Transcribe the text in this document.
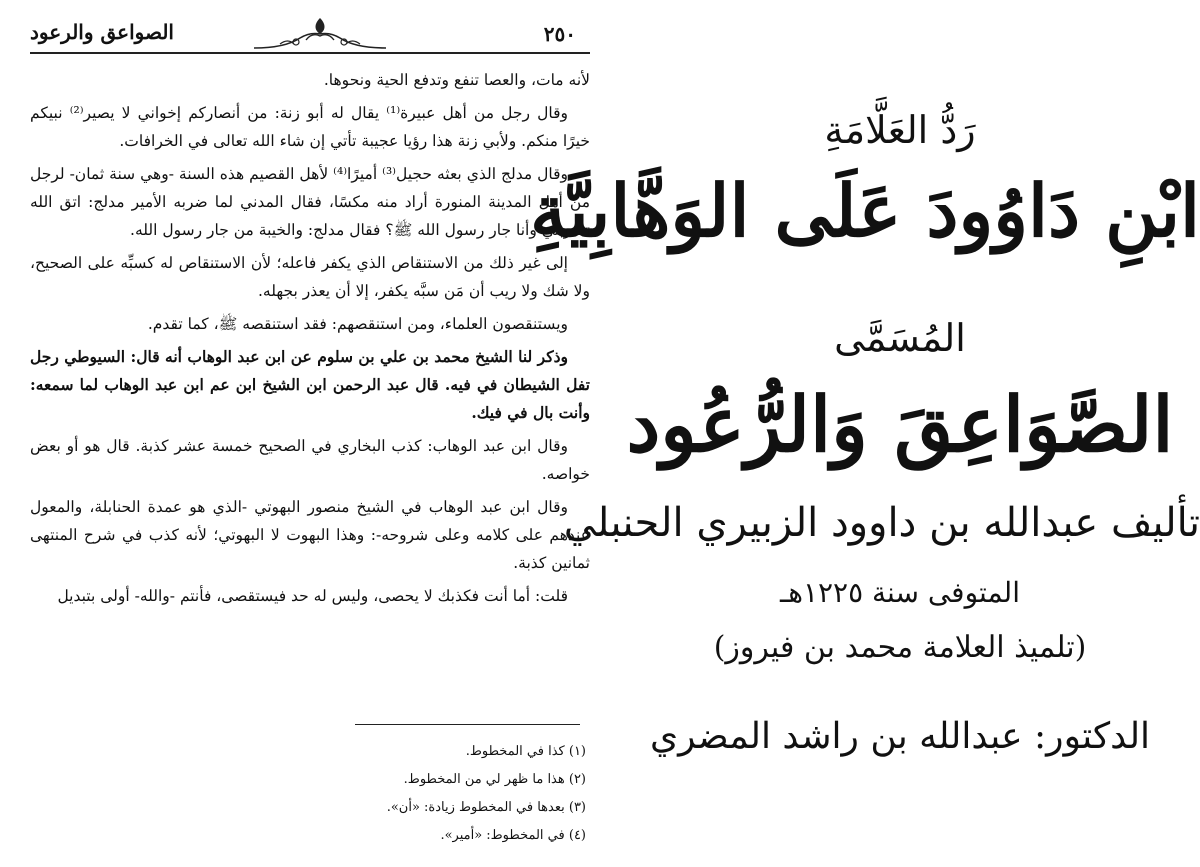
الصواعق والرعود	٢٥٠

لأنه مات، والعصا تنفع وتدفع الحية ونحوها.

وقال رجل من أهل عبيرة⁽¹⁾ يقال له أبو زنة: من أنصاركم إخواني لا يصير⁽²⁾ نبيكم خيرًا منكم. ولأبي زنة هذا رؤيا عجيبة تأتي إن شاء الله تعالى في الخرافات.

وقال مدلج الذي بعثه حجيل⁽³⁾ أميرًا⁽⁴⁾ لأهل القصيم هذه السنة -وهي سنة ثمان- لرجل من أهل المدينة المنورة أراد منه مكسًا، فقال المدني لما ضربه الأمير مدلج: اتق الله تضربني وأنا جار رسول الله ﷺ؟ فقال مدلج: والخيبة من جار رسول الله.

إلى غير ذلك من الاستنقاص الذي يكفر فاعله؛ لأن الاستنقاص له كسبِّه على الصحيح، ولا شك ولا ريب أن مَن سبَّه يكفر، إلا أن يعذر بجهله.

ويستنقصون العلماء، ومن استنقصهم: فقد استنقصه ﷺ، كما تقدم.

وذكر لنا الشيخ محمد بن علي بن سلوم عن ابن عبد الوهاب أنه قال: السيوطي رجل تفل الشيطان في فيه. قال عبد الرحمن ابن الشيخ ابن عم ابن عبد الوهاب لما سمعه: وأنت بال في فيك.

وقال ابن عبد الوهاب: كذب البخاري في الصحيح خمسة عشر كذبة. قال هو أو بعض خواصه.

وقال ابن عبد الوهاب في الشيخ منصور البهوتي -الذي هو عمدة الحنابلة، والمعول عندهم على كلامه وعلى شروحه-: وهذا البهوت لا البهوتي؛ لأنه كذب في شرح المنتهى ثمانين كذبة.

قلت: أما أنت فكذبك لا يحصى، وليس له حد فيستقصى، فأنتم -والله- أولى بتبديل

(١) كذا في المخطوط.
(٢) هذا ما ظهر لي من المخطوط.
(٣) بعدها في المخطوط زيادة: «أن».
(٤) في المخطوط: «أمير».
رَدُّ العَلَّامَةِ
ابْنِ دَاوُودَ عَلَى الوَهَّابِيَّةِ
المُسَمَّى
الصَّوَاعِقَ وَالرُّعُود
تأليف عبدالله بن داوود الزبيري الحنبلي
المتوفى سنة ١٢٢٥هـ
(تلميذ العلامة محمد بن فيروز)
الدكتور: عبدالله بن راشد المضري
